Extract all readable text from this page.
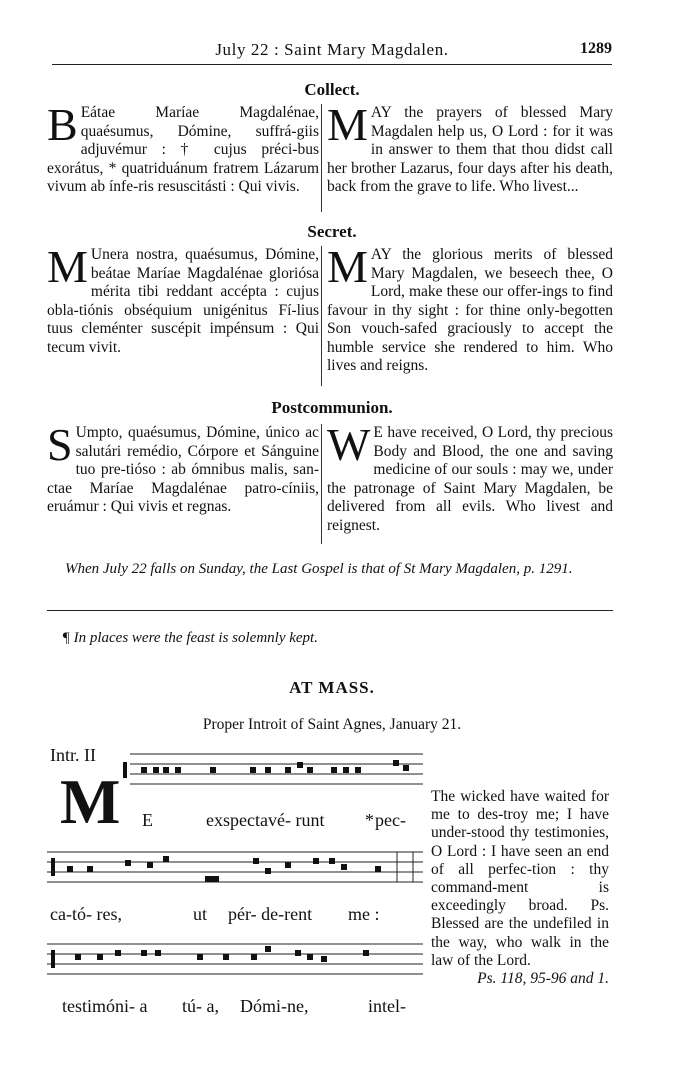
July 22 : Saint Mary Magdalen.	1289
Collect.
B Eátae Maríae Magdalénae, quaésumus, Dómine, suffrá-giis adjuvémur : † cujus préci-bus exorátus, * quatriduánum fratrem Lázarum vivum ab ínfe-ris resuscitásti : Qui vivis.
MAY the prayers of blessed Mary Magdalen help us, O Lord : for it was in answer to them that thou didst call her brother Lazarus, four days after his death, back from the grave to life. Who livest...
Secret.
M Unera nostra, quaésumus, Dómine, beátae Maríae Magdalénae gloriósa mérita tibi reddant accépta : cujus obla-tiónis obséquium unigénitus Fí-lius tuus cleménter suscépit impénsum : Qui tecum vivit.
MAY the glorious merits of blessed Mary Magdalen, we beseech thee, O Lord, make these our offer-ings to find favour in thy sight : for thine only-begotten Son vouch-safed graciously to accept the humble service she rendered to him. Who lives and reigns.
Postcommunion.
S Umpto, quaésumus, Dómine, único ac salutári remédio, Córpore et Sánguine tuo pre-tióso : ab ómnibus malis, san-ctae Maríae Magdalénae patro-cíniis, eruámur : Qui vivis et regnas.
W E have received, O Lord, thy precious Body and Blood, the one and saving medicine of our souls : may we, under the patronage of Saint Mary Magdalen, be delivered from all evils. Who livest and reignest.
When July 22 falls on Sunday, the Last Gospel is that of St Mary Magdalen, p. 1291.
¶ In places were the feast is solemnly kept.
AT MASS.
Proper Introit of Saint Agnes, January 21.
Intr. II
M E	exspectavé- runt * pec-
ca-tó- res,	ut pér- de-rent me :
testimóni- a tú- a, Dómi-ne,	intel-
The wicked have waited for me to des-troy me; I have under-stood thy testimonies, O Lord : I have seen an end of all perfec-tion : thy command-ment is exceedingly broad. Ps. Blessed are the undefiled in the way, who walk in the law of the Lord.
Ps. 118, 95-96 and 1.
